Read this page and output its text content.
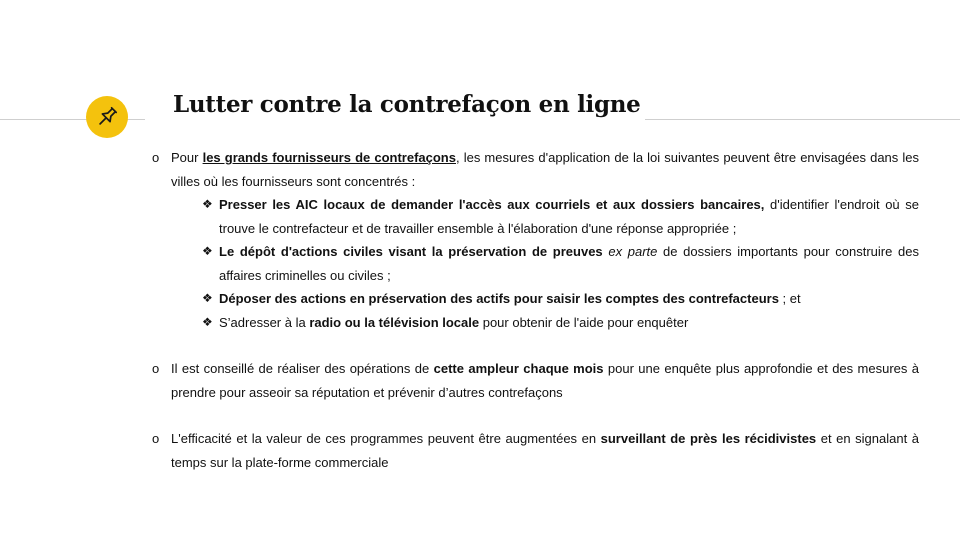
Lutter contre la contrefaçon en ligne
o Pour les grands fournisseurs de contrefaçons, les mesures d'application de la loi suivantes peuvent être envisagées dans les villes où les fournisseurs sont concentrés :
❖ Presser les AIC locaux de demander l'accès aux courriels et aux dossiers bancaires, d'identifier l'endroit où se trouve le contrefacteur et de travailler ensemble à l'élaboration d'une réponse appropriée ;
❖ Le dépôt d'actions civiles visant la préservation de preuves ex parte de dossiers importants pour construire des affaires criminelles ou civiles ;
❖ Déposer des actions en préservation des actifs pour saisir les comptes des contrefacteurs ; et
❖ S’adresser à la radio ou la télévision locale pour obtenir de l'aide pour enquêter
o Il est conseillé de réaliser des opérations de cette ampleur chaque mois pour une enquête plus approfondie et des mesures à prendre pour asseoir sa réputation et prévenir d’autres contrefaçons
o L'efficacité et la valeur de ces programmes peuvent être augmentées en surveillant de près les récidivistes et en signalant à temps sur la plate-forme commerciale
